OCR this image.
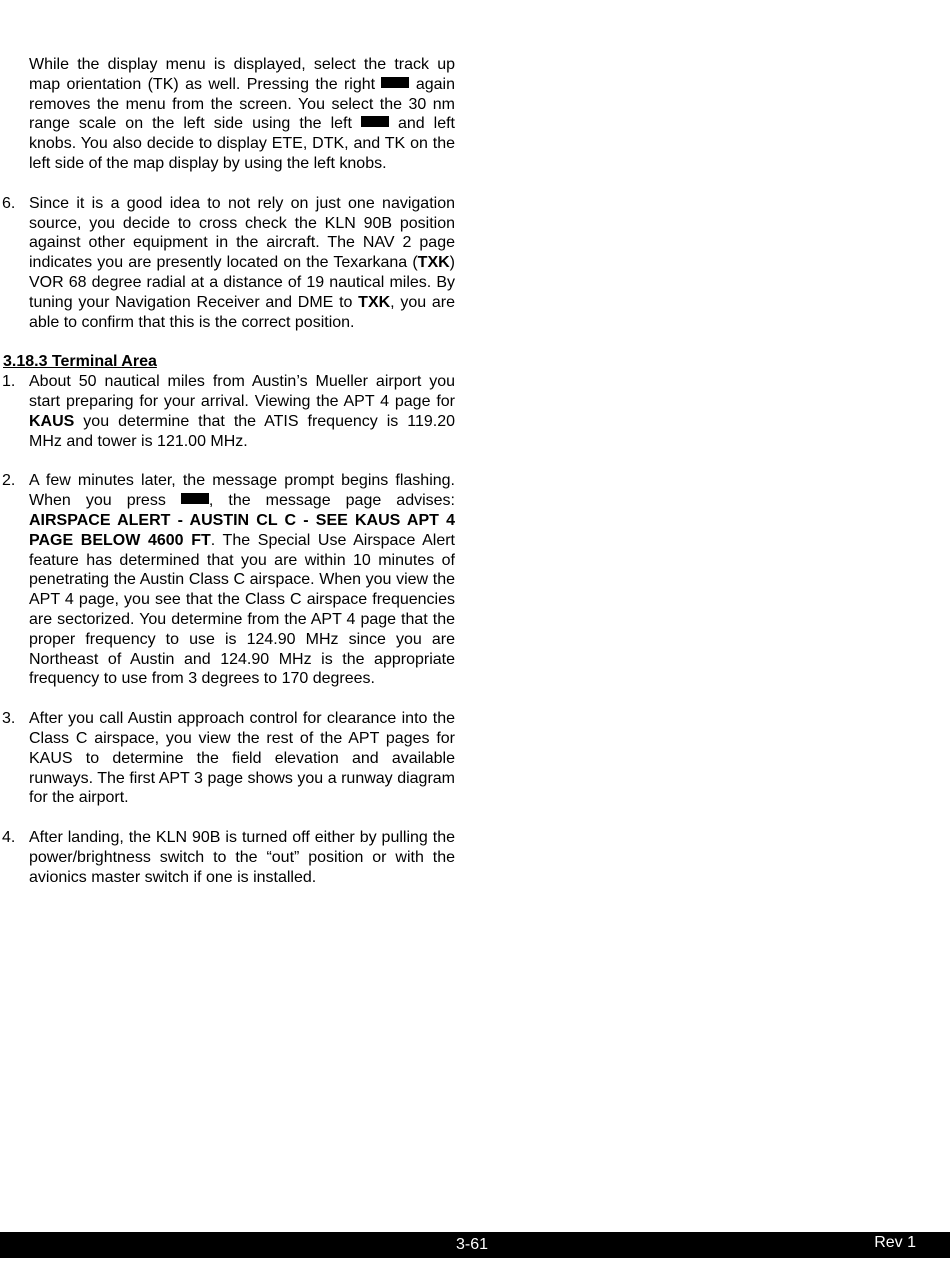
While the display menu is displayed, select the track up map orientation (TK) as well. Pressing the right  again removes the menu from the screen. You select the 30 nm range scale on the left side using the left  and left knobs. You also decide to display ETE, DTK, and TK on the left side of the map display by using the left knobs.

6. Since it is a good idea to not rely on just one navigation source, you decide to cross check the KLN 90B position against other equipment in the aircraft. The NAV 2 page indicates you are presently located on the Texarkana (TXK) VOR 68 degree radial at a distance of 19 nautical miles. By tuning your Navigation Receiver and DME to TXK, you are able to confirm that this is the correct position.
3.18.3 Terminal Area
1. About 50 nautical miles from Austin’s Mueller airport you start preparing for your arrival. Viewing the APT 4 page for KAUS you determine that the ATIS frequency is 119.20 MHz and tower is 121.00 MHz.
2. A few minutes later, the message prompt begins flashing. When you press , the message page advises: AIRSPACE ALERT - AUSTIN CL C - SEE KAUS APT 4 PAGE BELOW 4600 FT. The Special Use Airspace Alert feature has determined that you are within 10 minutes of penetrating the Austin Class C airspace. When you view the APT 4 page, you see that the Class C airspace frequencies are sectorized. You determine from the APT 4 page that the proper frequency to use is 124.90 MHz since you are Northeast of Austin and 124.90 MHz is the appropriate frequency to use from 3 degrees to 170 degrees.
3. After you call Austin approach control for clearance into the Class C airspace, you view the rest of the APT pages for KAUS to determine the field elevation and available runways. The first APT 3 page shows you a runway diagram for the airport.
4. After landing, the KLN 90B is turned off either by pulling the power/brightness switch to the “out” position or with the avionics master switch if one is installed.
3-61	Rev 1
